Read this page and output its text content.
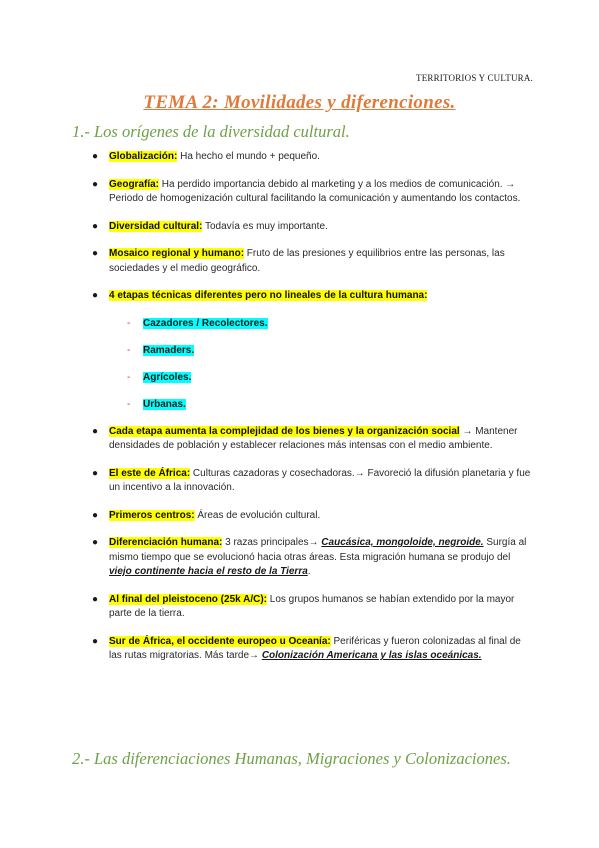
TERRITORIOS Y CULTURA.
TEMA 2: Movilidades y diferenciones.
1.- Los orígenes de la diversidad cultural.
● Globalización: Ha hecho el mundo + pequeño.
● Geografía: Ha perdido importancia debido al marketing y a los medios de comunicación. → Periodo de homogenización cultural facilitando la comunicación y aumentando los contactos.
● Diversidad cultural: Todavía es muy importante.
● Mosaico regional y humano: Fruto de las presiones y equilibrios entre las personas, las sociedades y el medio geográfico.
● 4 etapas técnicas diferentes pero no lineales de la cultura humana:
- Cazadores / Recolectores.
- Ramaders.
- Agrícoles.
- Urbanas.
● Cada etapa aumenta la complejidad de los bienes y la organización social → Mantener densidades de población y establecer relaciones más intensas con el medio ambiente.
● El este de África: Culturas cazadoras y cosechadoras.→ Favoreció la difusión planetaria y fue un incentivo a la innovación.
● Primeros centros: Áreas de evolución cultural.
● Diferenciación humana: 3 razas principales→ Caucásica, mongoloide, negroide. Surgía al mismo tiempo que se evolucionó hacia otras áreas. Esta migración humana se produjo del viejo continente hacia el resto de la Tierra.
● Al final del pleistoceno (25k A/C): Los grupos humanos se habían extendido por la mayor parte de la tierra.
● Sur de África, el occidente europeo u Oceanía: Periféricas y fueron colonizadas al final de las rutas migratorias. Más tarde→ Colonización Americana y las islas oceánicas.
2.- Las diferenciaciones Humanas, Migraciones y Colonizaciones.
